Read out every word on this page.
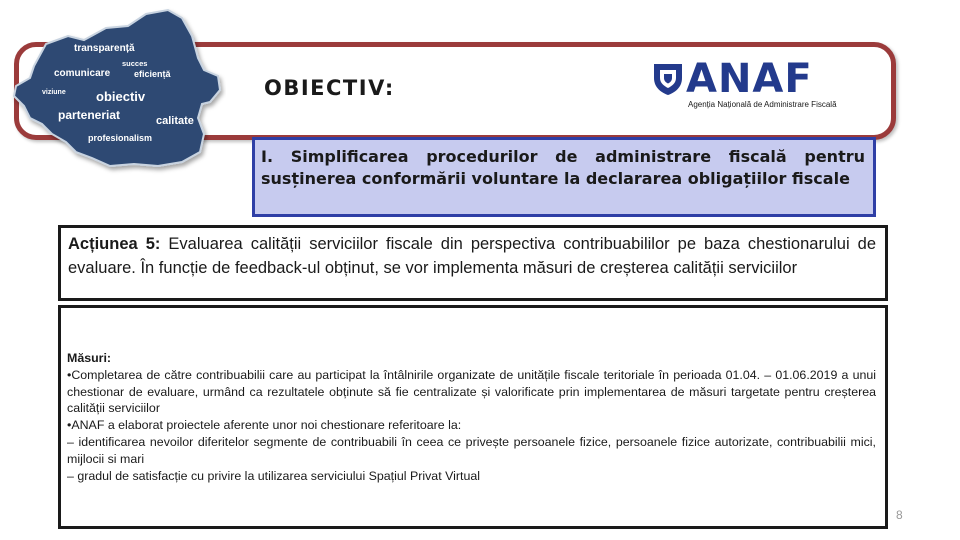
transparență
succes
comunicare	eficiență
viziune obiectiv
parteneriat	calitate
profesionalism
OBIECTIV:	ANAF
Agenția Națională de Administrare Fiscală
I. Simplificarea procedurilor de administrare fiscală pentru susținerea conformării voluntare la declararea obligațiilor fiscale
Acțiunea 5: Evaluarea calității serviciilor fiscale din perspectiva contribuabililor pe baza chestionarului de evaluare. În funcție de feedback-ul obținut, se vor implementa măsuri de creșterea calității serviciilor
Măsuri:
•Completarea de către contribuabilii care au participat la întâlnirile organizate de unitățile fiscale teritoriale în perioada 01.04. – 01.06.2019 a unui chestionar de evaluare, urmând ca rezultatele obținute să fie centralizate și valorificate prin implementarea de măsuri targetate pentru creșterea calității serviciilor
•ANAF a elaborat proiectele aferente unor noi chestionare referitoare la:
– identificarea nevoilor diferitelor segmente de contribuabili în ceea ce privește persoanele fizice, persoanele fizice autorizate, contribuabilii mici, mijlocii si mari
– gradul de satisfacție cu privire la utilizarea serviciului Spațiul Privat Virtual
8
